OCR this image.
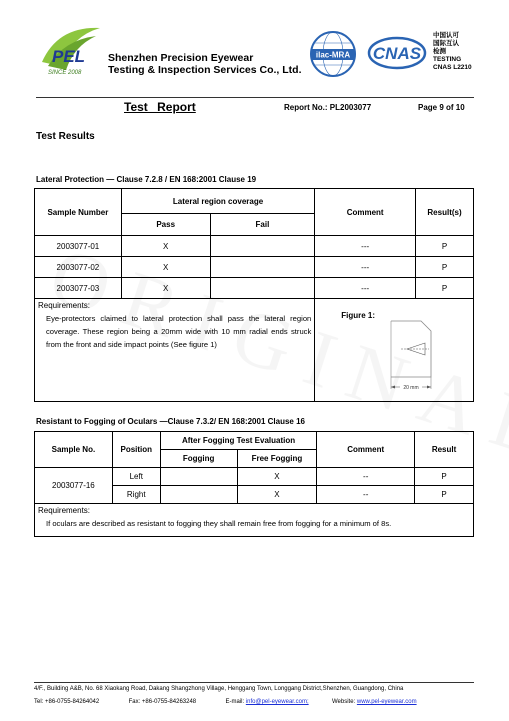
PEL
SINCE 2008
Shenzhen Precision Eyewear
Testing & Inspection Services Co., Ltd.
ilac-MRA CNAS
中国认可
国际互认
检测
TESTING
CNAS L2210
Test Report	Report No.: PL2003077	Page 9 of 10
Test Results
Lateral Protection — Clause 7.2.8 / EN 168:2001 Clause 19
Sample Number	Lateral region coverage		Comment	Result(s)
	Pass	Fail		
2003077-01	X		---	P
2003077-02	X		---	P
2003077-03	X		---	P

Requirements:
Eye-protectors claimed to lateral protection shall pass the lateral region coverage. These region being a 20mm wide with 10 mm radial ends struck from the front and side impact points (See figure 1)			Figure 1:
20 mm	
Resistant to Fogging of Oculars —Clause 7.3.2/ EN 168:2001 Clause 16
Sample No.	Position	After Fogging Test Evaluation		Comment	Result
		Fogging	Free Fogging		
2003077-16	Left		X	--	P
	Right		X	--	P

Requirements:
If oculars are described as resistant to fogging they shall remain free from fogging for a minimum of 8s.					
4/F., Building A&B, No. 68 Xiaokang Road, Dakang Shangzhong Village, Henggang Town, Longgang District,Shenzhen, Guangdong, China
Tel: +86-0755-84264042	Fax: +86-0755-84263248	E-mail: info@pel-eyewear.com;	Website: www.pel-eyewear.com
